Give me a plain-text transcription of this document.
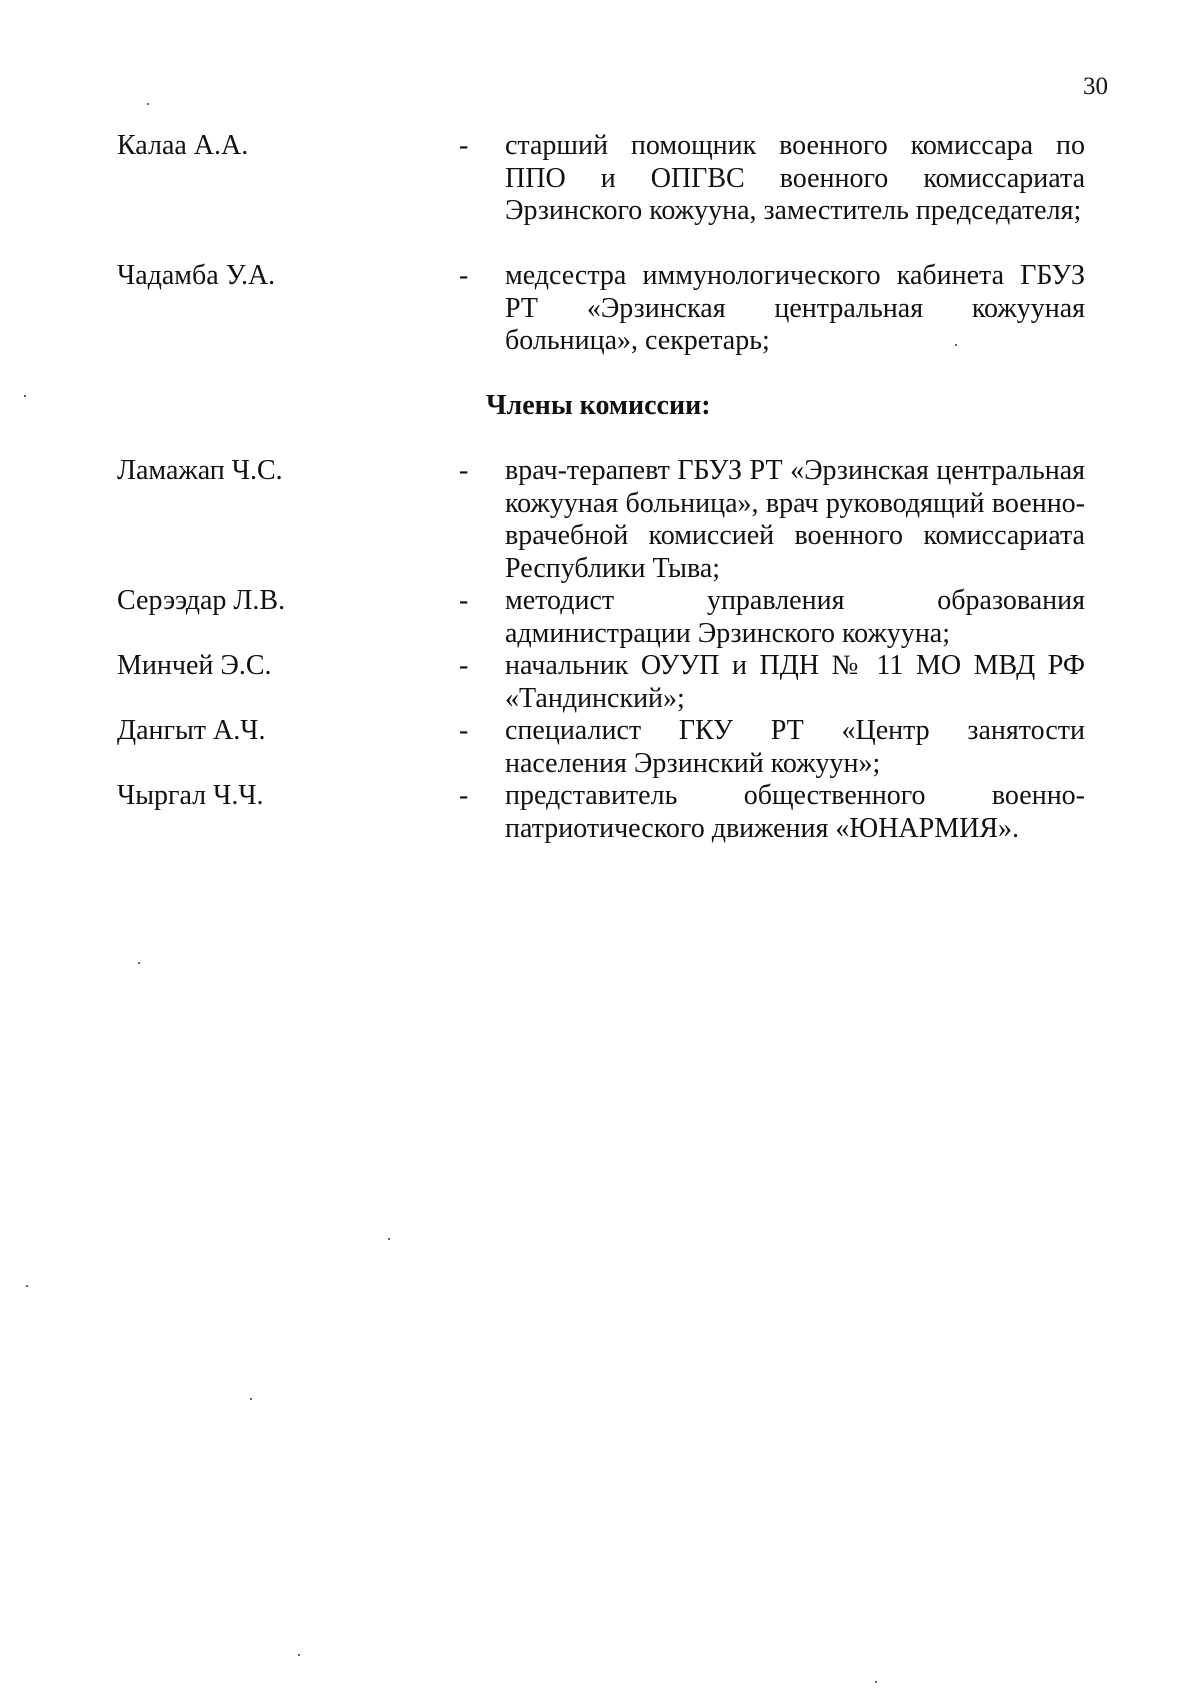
30
Калаа А.А.	- старший помощник военного комиссара по ППО и ОПГВС военного комиссариата Эрзинского кожууна, заместитель председателя;
Чадамба У.А.	- медсестра иммунологического кабинета ГБУЗ РТ «Эрзинская центральная кожууная больница», секретарь;
Члены комиссии:
Ламажап Ч.С.	- врач-терапевт ГБУЗ РТ «Эрзинская центральная кожууная больница», врач руководящий военно-врачебной комиссией военного комиссариата Республики Тыва;
Серээдар Л.В.	- методист управления образования администрации Эрзинского кожууна;
Минчей Э.С.	- начальник ОУУП и ПДН № 11 МО МВД РФ «Тандинский»;
Дангыт А.Ч.	- специалист ГКУ РТ «Центр занятости населения Эрзинский кожуун»;
Чыргал Ч.Ч.	- представитель общественного военно-патриотического движения «ЮНАРМИЯ».
